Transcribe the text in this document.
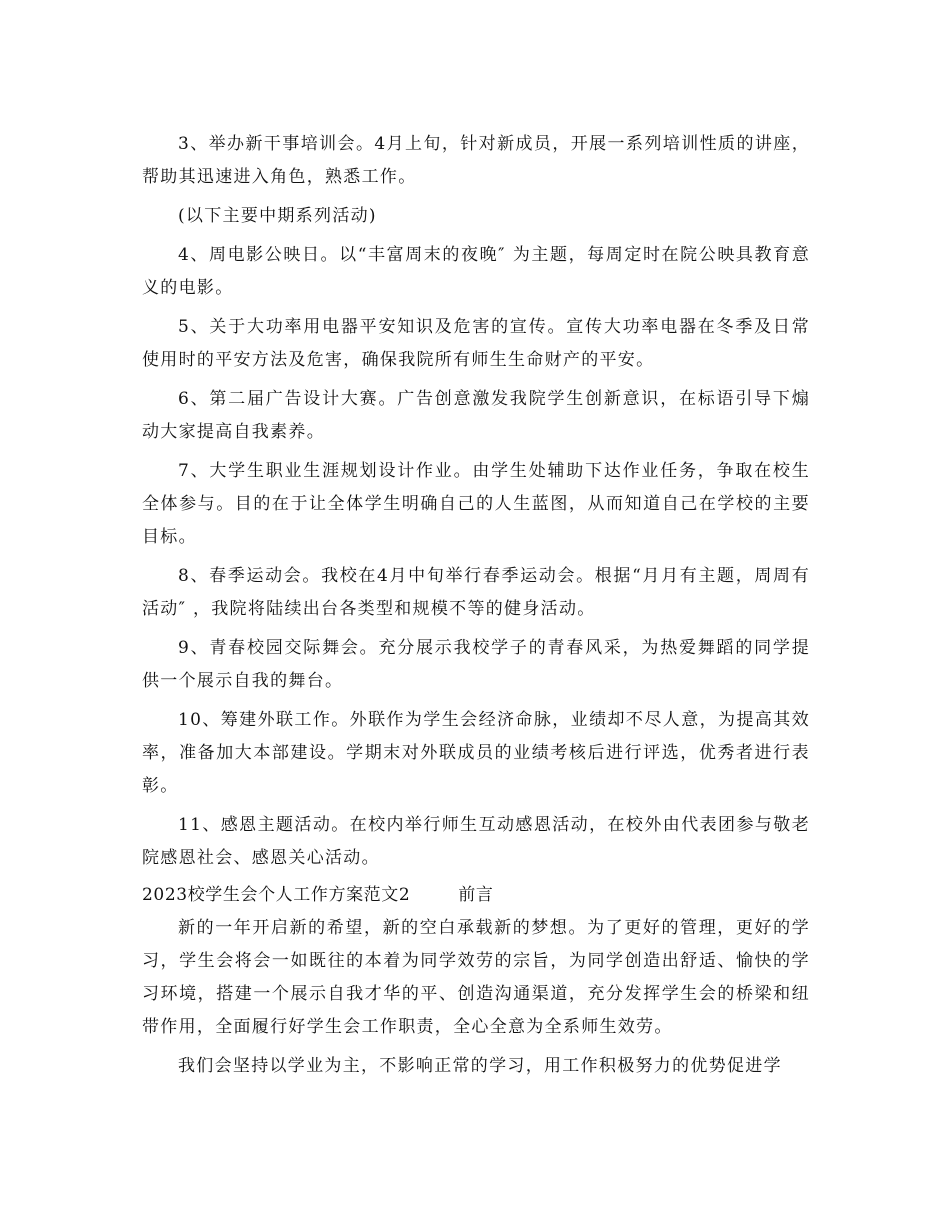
3、举办新干事培训会。4月上旬，针对新成员，开展一系列培训性质的讲座，帮助其迅速进入角色，熟悉工作。

(以下主要中期系列活动)

4、周电影公映日。以“丰富周末的夜晚″ 为主题，每周定时在院公映具教育意义的电影。

5、关于大功率用电器平安知识及危害的宣传。宣传大功率电器在冬季及日常使用时的平安方法及危害，确保我院所有师生生命财产的平安。

6、第二届广告设计大赛。广告创意激发我院学生创新意识，在标语引导下煽动大家提高自我素养。

7、大学生职业生涯规划设计作业。由学生处辅助下达作业任务，争取在校生全体参与。目的在于让全体学生明确自己的人生蓝图，从而知道自己在学校的主要目标。

8、春季运动会。我校在4月中旬举行春季运动会。根据“月月有主题，周周有活动″ ，我院将陆续出台各类型和规模不等的健身活动。

9、青春校园交际舞会。充分展示我校学子的青春风采，为热爱舞蹈的同学提供一个展示自我的舞台。

10、筹建外联工作。外联作为学生会经济命脉，业绩却不尽人意，为提高其效率，准备加大本部建设。学期末对外联成员的业绩考核后进行评选，优秀者进行表彰。

11、感恩主题活动。在校内举行师生互动感恩活动，在校外由代表团参与敬老院感恩社会、感恩关心活动。

2023校学生会个人工作方案范文2	前言

新的一年开启新的希望，新的空白承载新的梦想。为了更好的管理，更好的学习，学生会将会一如既往的本着为同学效劳的宗旨，为同学创造出舒适、愉快的学习环境，搭建一个展示自我才华的平、创造沟通渠道，充分发挥学生会的桥梁和纽带作用，全面履行好学生会工作职责，全心全意为全系师生效劳。

我们会坚持以学业为主，不影响正常的学习，用工作积极努力的优势促进学
